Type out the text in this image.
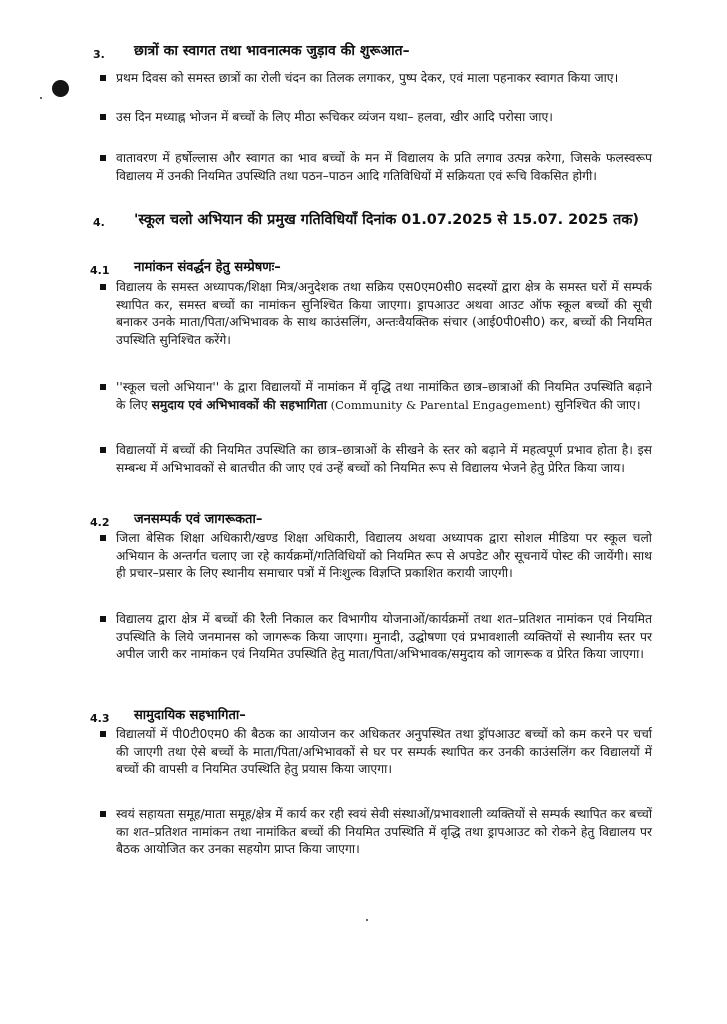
3. छात्रों का स्वागत तथा भावनात्मक जुड़ाव की शुरूआत–
प्रथम दिवस को समस्त छात्रों का रोली चंदन का तिलक लगाकर, पुष्प देकर, एवं माला पहनाकर स्वागत किया जाए।
उस दिन मध्याह्न भोजन में बच्चों के लिए मीठा रूचिकर व्यंजन यथा– हलवा, खीर आदि परोसा जाए।
वातावरण में हर्षोल्लास और स्वागत का भाव बच्चों के मन में विद्यालय के प्रति लगाव उत्पन्न करेगा, जिसके फलस्वरूप विद्यालय में उनकी नियमित उपस्थिति तथा पठन–पाठन आदि गतिविधियों में सक्रियता एवं रूचि विकसित होगी।
4. 'स्कूल चलो अभियान की प्रमुख गतिविधियाँ दिनांक 01.07.2025 से 15.07. 2025 तक)
4.1 नामांकन संवर्द्धन हेतु सम्प्रेषणः–
विद्यालय के समस्त अध्यापक/शिक्षा मित्र/अनुदेशक तथा सक्रिय एस0एम0सी0 सदस्यों द्वारा क्षेत्र के समस्त घरों में सम्पर्क स्थापित कर, समस्त बच्चों का नामांकन सुनिश्चित किया जाएगा। ड्रापआउट अथवा आउट ऑफ स्कूल बच्चों की सूची बनाकर उनके माता/पिता/अभिभावक के साथ काउंसलिंग, अन्तःवैयक्तिक संचार (आई0पी0सी0) कर, बच्चों की नियमित उपस्थिति सुनिश्चित करेंगे।
''स्कूल चलो अभियान'' के द्वारा विद्यालयों में नामांकन में वृद्धि तथा नामांकित छात्र–छात्राओं की नियमित उपस्थिति बढ़ाने के लिए समुदाय एवं अभिभावकों की सहभागिता (Community & Parental Engagement) सुनिश्चित की जाए।
विद्यालयों में बच्चों की नियमित उपस्थिति का छात्र–छात्राओं के सीखने के स्तर को बढ़ाने में महत्वपूर्ण प्रभाव होता है। इस सम्बन्ध में अभिभावकों से बातचीत की जाए एवं उन्हें बच्चों को नियमित रूप से विद्यालय भेजने हेतु प्रेरित किया जाय।
4.2 जनसम्पर्क एवं जागरूकता–
जिला बेसिक शिक्षा अधिकारी/खण्ड शिक्षा अधिकारी, विद्यालय अथवा अध्यापक द्वारा सोशल मीडिया पर स्कूल चलो अभियान के अन्तर्गत चलाए जा रहे कार्यक्रमों/गतिविधियों को नियमित रूप से अपडेट और सूचनायें पोस्ट की जायेंगी। साथ ही प्रचार–प्रसार के लिए स्थानीय समाचार पत्रों में निःशुल्क विज्ञप्ति प्रकाशित करायी जाएगी।
विद्यालय द्वारा क्षेत्र में बच्चों की रैली निकाल कर विभागीय योजनाओं/कार्यक्रमों तथा शत–प्रतिशत नामांकन एवं नियमित उपस्थिति के लिये जनमानस को जागरूक किया जाएगा। मुनादी, उद्घोषणा एवं प्रभावशाली व्यक्तियों से स्थानीय स्तर पर अपील जारी कर नामांकन एवं नियमित उपस्थिति हेतु माता/पिता/अभिभावक/समुदाय को जागरूक व प्रेरित किया जाएगा।
4.3 सामुदायिक सहभागिता–
विद्यालयों में पी0टी0एम0 की बैठक का आयोजन कर अधिकतर अनुपस्थित तथा ड्रॉपआउट बच्चों को कम करने पर चर्चा की जाएगी तथा ऐसे बच्चों के माता/पिता/अभिभावकों से घर पर सम्पर्क स्थापित कर उनकी काउंसलिंग कर विद्यालयों में बच्चों की वापसी व नियमित उपस्थिति हेतु प्रयास किया जाएगा।
स्वयं सहायता समूह/माता समूह/क्षेत्र में कार्य कर रही स्वयं सेवी संस्थाओं/प्रभावशाली व्यक्तियों से सम्पर्क स्थापित कर बच्चों का शत–प्रतिशत नामांकन तथा नामांकित बच्चों की नियमित उपस्थिति में वृद्धि तथा ड्रापआउट को रोकने हेतु विद्यालय पर बैठक आयोजित कर उनका सहयोग प्राप्त किया जाएगा।
